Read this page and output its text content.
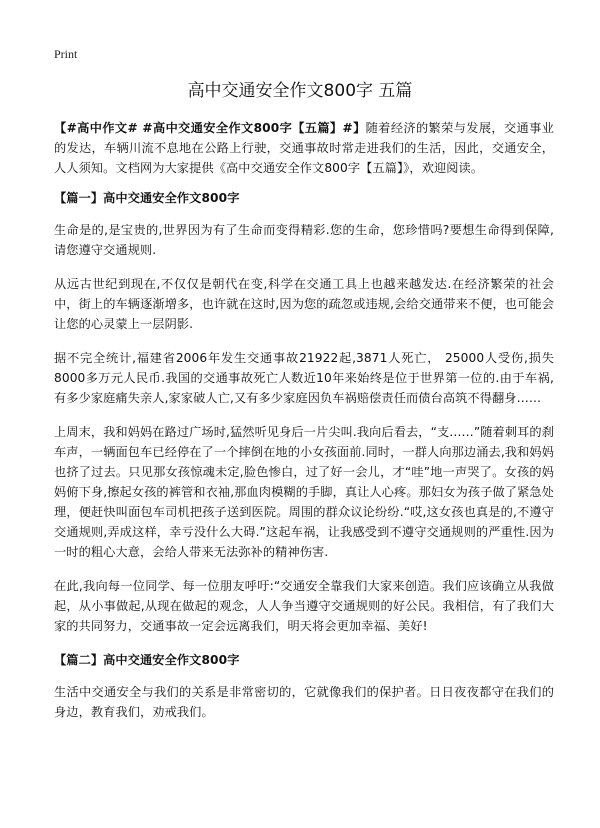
Print
高中交通安全作文800字 五篇

【#高中作文# #高中交通安全作文800字【五篇】#】随着经济的繁荣与发展，交通事业的发达，车辆川流不息地在公路上行驶，交通事故时常走进我们的生活，因此，交通安全，人人须知。文档网为大家提供《高中交通安全作文800字【五篇】》，欢迎阅读。

【篇一】高中交通安全作文800字

生命是的,是宝贵的,世界因为有了生命而变得精彩.您的生命，您珍惜吗?要想生命得到保障,请您遵守交通规则.

从远古世纪到现在,不仅仅是朝代在变,科学在交通工具上也越来越发达.在经济繁荣的社会中，街上的车辆逐渐增多，也许就在这时,因为您的疏忽或违规,会给交通带来不便，也可能会让您的心灵蒙上一层阴影.

据不完全统计,福建省2006年发生交通事故21922起,3871人死亡， 25000人受伤,损失8000多万元人民币.我国的交通事故死亡人数近10年来始终是位于世界第一位的.由于车祸,有多少家庭痛失亲人,家家破人亡,又有多少家庭因负车祸赔偿责任而债台高筑不得翻身……

上周末，我和妈妈在路过广场时,猛然听见身后一片尖叫.我向后看去，“支……”随着刺耳的刹车声，一辆面包车已经停在了一个摔倒在地的小女孩面前.同时，一群人向那边涌去,我和妈妈也挤了过去。只见那女孩惊魂未定,脸色惨白，过了好一会儿，才“哇”地一声哭了。女孩的妈妈俯下身,擦起女孩的裤管和衣袖,那血肉模糊的手脚，真让人心疼。那妇女为孩子做了紧急处理，便赶快叫面包车司机把孩子送到医院。周围的群众议论纷纷.“哎,这女孩也真是的,不遵守交通规则,弄成这样，幸亏没什么大碍.”这起车祸，让我感受到不遵守交通规则的严重性.因为一时的粗心大意，会给人带来无法弥补的精神伤害.

在此,我向每一位同学、每一位朋友呼吁:“交通安全靠我们大家来创造。我们应该确立从我做起，从小事做起,从现在做起的观念，人人争当遵守交通规则的好公民。我相信，有了我们大家的共同努力，交通事故一定会远离我们，明天将会更加幸福、美好!

【篇二】高中交通安全作文800字

生活中交通安全与我们的关系是非常密切的，它就像我们的保护者。日日夜夜都守在我们的身边，教育我们，劝戒我们。
